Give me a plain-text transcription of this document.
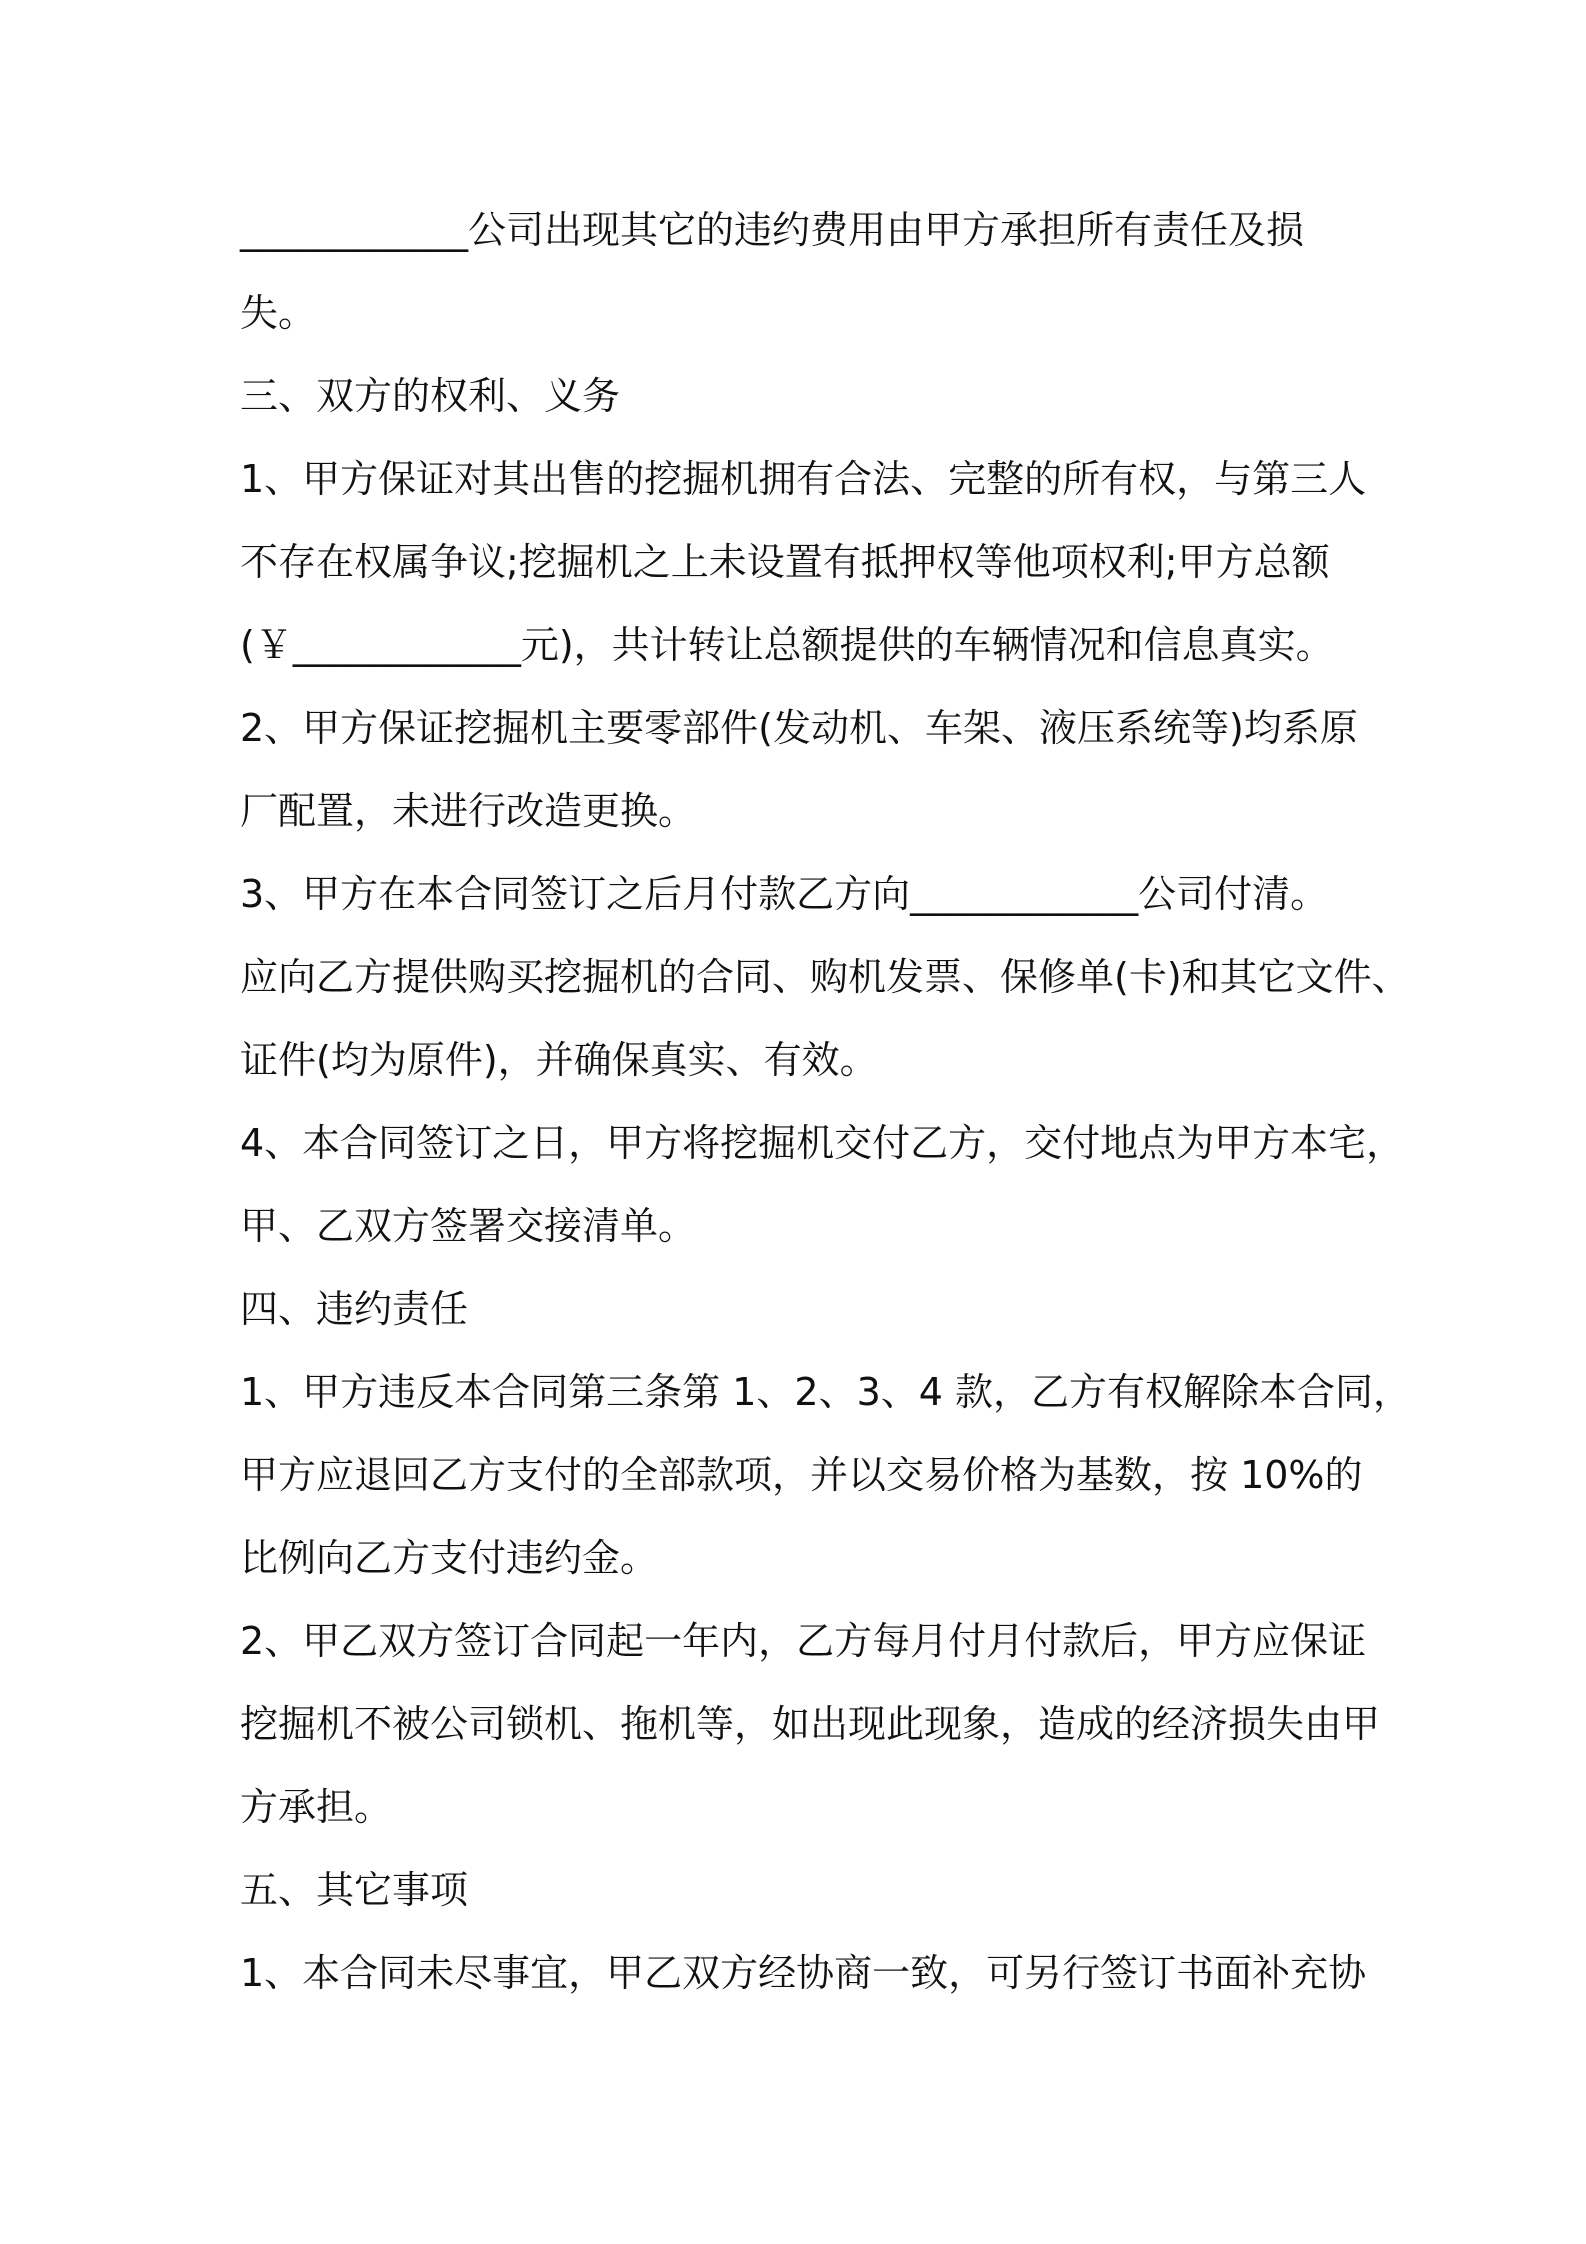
____________公司出现其它的违约费用由甲方承担所有责任及损
失。
三、双方的权利、义务
1、甲方保证对其出售的挖掘机拥有合法、完整的所有权，与第三人
不存在权属争议;挖掘机之上未设置有抵押权等他项权利;甲方总额
(￥____________元)，共计转让总额提供的车辆情况和信息真实。
2、甲方保证挖掘机主要零部件(发动机、车架、液压系统等)均系原
厂配置，未进行改造更换。
3、甲方在本合同签订之后月付款乙方向____________公司付清。
应向乙方提供购买挖掘机的合同、购机发票、保修单(卡)和其它文件、
证件(均为原件)，并确保真实、有效。
4、本合同签订之日，甲方将挖掘机交付乙方，交付地点为甲方本宅，
甲、乙双方签署交接清单。
四、违约责任
1、甲方违反本合同第三条第 1、2、3、4 款，乙方有权解除本合同，
甲方应退回乙方支付的全部款项，并以交易价格为基数，按 10%的
比例向乙方支付违约金。
2、甲乙双方签订合同起一年内，乙方每月付月付款后，甲方应保证
挖掘机不被公司锁机、拖机等，如出现此现象，造成的经济损失由甲
方承担。
五、其它事项
1、本合同未尽事宜，甲乙双方经协商一致，可另行签订书面补充协
